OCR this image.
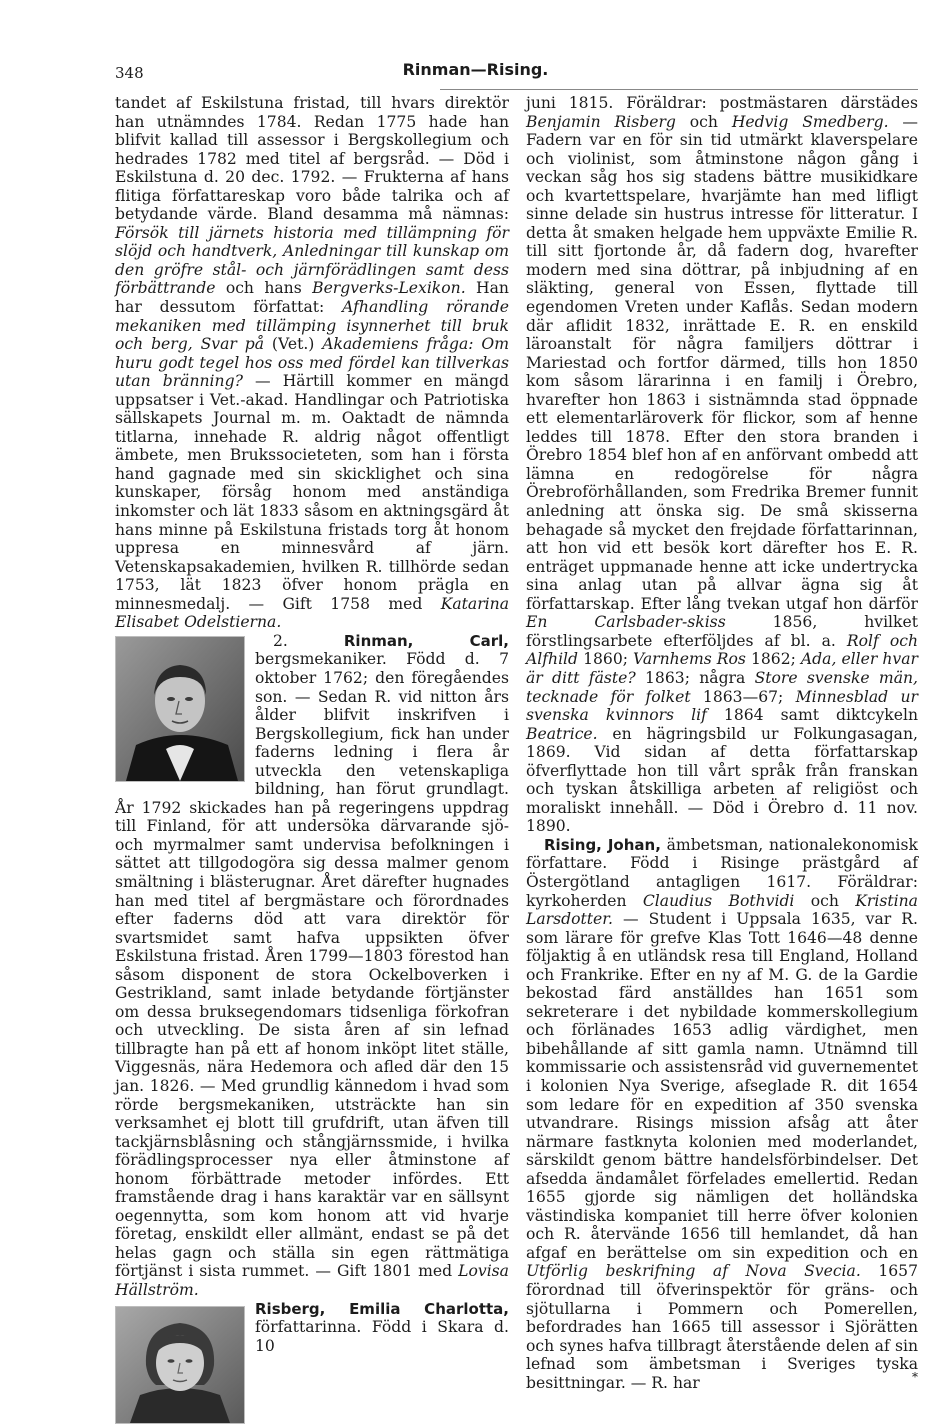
348	Rinman—Rising.

tandet af Eskilstuna fristad, till hvars direktör han utnämndes 1784. Redan 1775 hade han blifvit kallad till assessor i Bergskollegium och hedrades 1782 med titel af bergsråd. — Död i Eskilstuna d. 20 dec. 1792. — Frukterna af hans flitiga författareskap voro både talrika och af betydande värde. Bland desamma må nämnas: Försök till järnets historia med tillämpning för slöjd och handtverk, Anledningar till kunskap om den gröfre stål- och järnförädlingen samt dess förbättrande och hans Bergverks-Lexikon. Han har dessutom författat: Afhandling rörande mekaniken med tillämping isynnerhet till bruk och berg, Svar på (Vet.) Akademiens fråga: Om huru godt tegel hos oss med fördel kan tillverkas utan bränning? — Härtill kommer en mängd uppsatser i Vet.-akad. Handlingar och Patriotiska sällskapets Journal m. m. Oaktadt de nämnda titlarna, innehade R. aldrig något offentligt ämbete, men Brukssocieteten, som han i första hand gagnade med sin skicklighet och sina kunskaper, försåg honom med anständiga inkomster och lät 1833 såsom en aktningsgärd åt hans minne på Eskilstuna fristads torg åt honom uppresa en minnesvård af järn. Vetenskapsakademien, hvilken R. tillhörde sedan 1753, lät 1823 öfver honom prägla en minnesmedalj. — Gift 1758 med Katarina Elisabet Odelstierna.

2.	Rinman, Carl, bergsmekaniker. Född d. 7 oktober 1762; den föregåendes son. — Sedan R. vid nitton års ålder blifvit inskrifven i Bergskollegium, fick han under faderns ledning i flera år utveckla den vetenskapliga bildning, han förut grundlagt. År 1792 skickades han på regeringens uppdrag till Finland, för att undersöka därvarande sjö- och myrmalmer samt undervisa befolkningen i sättet att tillgodogöra sig dessa malmer genom smältning i blästerugnar. Året därefter hugnades han med titel af bergmästare och förordnades efter faderns död att vara direktör för svartsmidet samt hafva uppsikten öfver Eskilstuna fristad. Åren 1799—1803 förestod han såsom disponent de stora Ockelboverken i Gestrikland, samt inlade betydande förtjänster om dessa bruksegendomars tidsenliga förkofran och utveckling. De sista åren af sin lefnad tillbragte han på ett af honom inköpt litet ställe, Viggesnäs, nära Hedemora och afled där den 15 jan. 1826. — Med grundlig kännedom i hvad som rörde bergsmekaniken, utsträckte han sin verksamhet ej blott till grufdrift, utan äfven till tackjärnsblåsning och stångjärnssmide, i hvilka förädlingsprocesser nya eller åtminstone af honom förbättrade metoder infördes. Ett framstående drag i hans karaktär var en sällsynt oegennytta, som kom honom att vid hvarje företag, enskildt eller allmänt, endast se på det helas gagn och ställa sin egen rättmätiga förtjänst i sista rummet. — Gift 1801 med Lovisa Hällström.

Risberg, Emilia Charlotta, författarinna. Född i Skara d. 10

juni 1815. Föräldrar: postmästaren därstädes Benjamin Risberg och Hedvig Smedberg. — Fadern var en för sin tid utmärkt klaverspelare och violinist, som åtminstone någon gång i veckan såg hos sig stadens bättre musikidkare och kvartettspelare, hvarjämte han med lifligt sinne delade sin hustrus intresse för litteratur. I detta åt smaken helgade hem uppväxte Emilie R. till sitt fjortonde år, då fadern dog, hvarefter modern med sina döttrar, på inbjudning af en släkting, general von Essen, flyttade till egendomen Vreten under Kaflås. Sedan modern där aflidit 1832, inrättade E. R. en enskild läroanstalt för några familjers döttrar i Mariestad och fortfor därmed, tills hon 1850 kom såsom lärarinna i en familj i Örebro, hvarefter hon 1863 i sistnämnda stad öppnade ett elementarläroverk för flickor, som af henne leddes till 1878. Efter den stora branden i Örebro 1854 blef hon af en anförvant ombedd att lämna en redogörelse för några Örebroförhållanden, som Fredrika Bremer funnit anledning att önska sig. De små skisserna behagade så mycket den frejdade författarinnan, att hon vid ett besök kort därefter hos E. R. enträget uppmanade henne att icke undertrycka sina anlag utan på allvar ägna sig åt författarskap. Efter lång tvekan utgaf hon därför En Carlsbader-skiss	1856, hvilket förstlingsarbete efterföljdes af bl. a. Rolf och Alfhild 1860; Varnhems Ros 1862; Ada, eller hvar är ditt fäste? 1863; några Store svenske män, tecknade för folket 1863—67; Minnesblad ur svenska kvinnors lif 1864 samt diktcykeln Beatrice. en hägringsbild ur Folkungasagan, 1869. Vid sidan af detta författarskap öfverflyttade hon till vårt språk från franskan och tyskan åtskilliga arbeten af religiöst och moraliskt innehåll. — Död i Örebro d. 11 nov. 1890.

Rising, Johan, ämbetsman, nationalekonomisk författare. Född i Risinge prästgård af Östergötland antagligen 1617. Föräldrar: kyrkoherden Claudius Bothvidi och Kristina Larsdotter. — Student i Uppsala 1635, var R. som lärare för grefve Klas Tott 1646—48 denne följaktig å en utländsk resa till England, Holland och Frankrike. Efter en ny af M. G. de la Gardie bekostad färd anställdes han 1651 som sekreterare i det nybildade kommerskollegium och förlänades 1653 adlig värdighet, men bibehållande af sitt gamla namn. Utnämnd till kommissarie och assistensråd vid guvernementet i kolonien Nya Sverige, afseglade R. dit 1654 som ledare för en expedition af 350 svenska utvandrare. Risings mission afsåg att åter närmare fastknyta kolonien med moderlandet, särskildt genom bättre handelsförbindelser. Det afsedda ändamålet förfelades emellertid. Redan 1655 gjorde sig nämligen det holländska västindiska kompaniet till herre öfver kolonien och R. återvände 1656 till hemlandet, då han afgaf en berättelse om sin expedition och en Utförlig beskrifning af Nova Svecia. 1657 förordnad till öfverinspektör för gräns- och sjötullarna i Pommern och Pomerellen, befordrades han 1665 till assessor i Sjörätten och synes hafva tillbragt återstående delen af sin lefnad som ämbetsman i Sveriges tyska besittningar. — R. har	*
